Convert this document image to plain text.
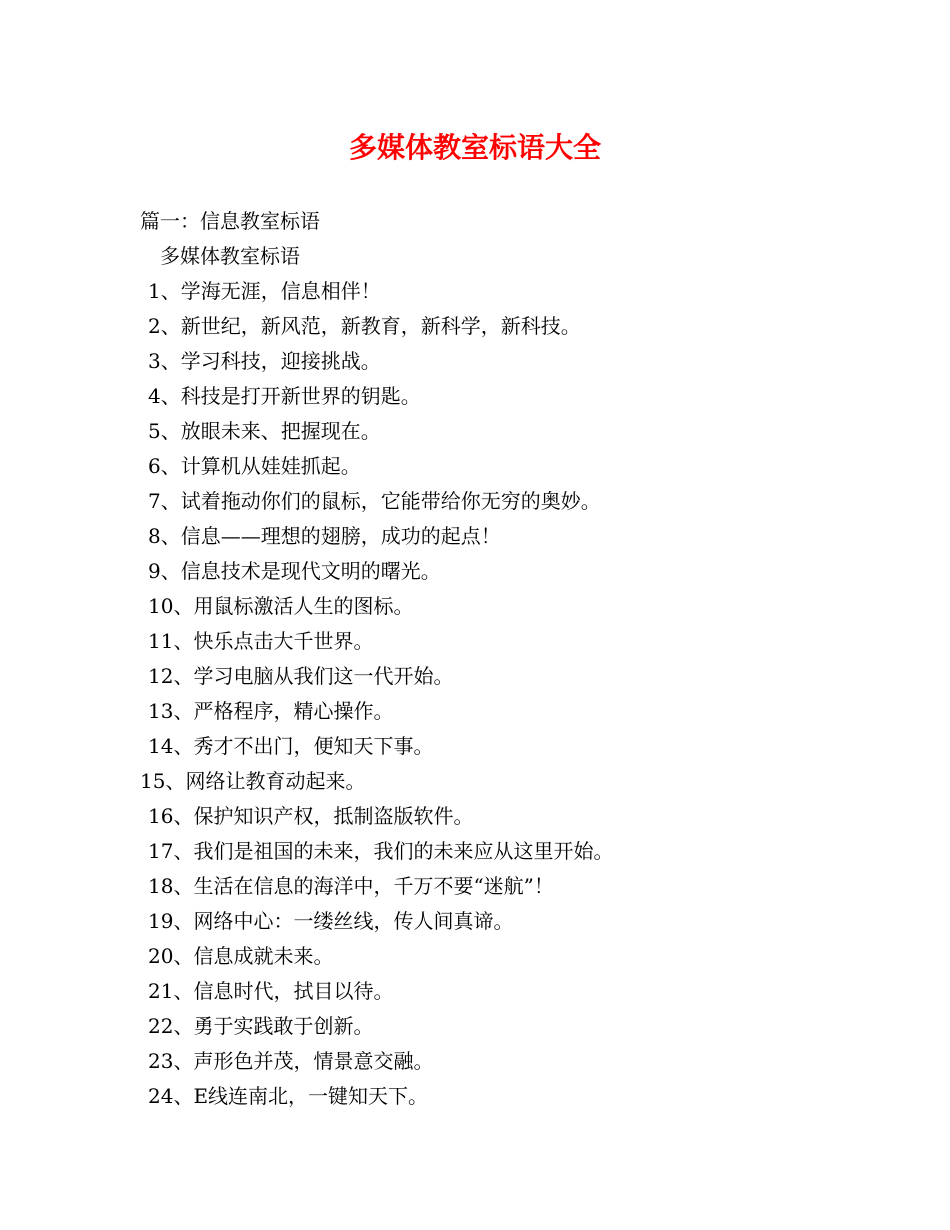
多媒体教室标语大全
篇一：信息教室标语
多媒体教室标语
1、学海无涯，信息相伴！
2、新世纪，新风范，新教育，新科学，新科技。
3、学习科技，迎接挑战。
4、科技是打开新世界的钥匙。
5、放眼未来、把握现在。
6、计算机从娃娃抓起。
7、试着拖动你们的鼠标，它能带给你无穷的奥妙。
8、信息——理想的翅膀，成功的起点！
9、信息技术是现代文明的曙光。
10、用鼠标激活人生的图标。
11、快乐点击大千世界。
12、学习电脑从我们这一代开始。
13、严格程序，精心操作。
14、秀才不出门，便知天下事。
15、网络让教育动起来。
16、保护知识产权，抵制盗版软件。
17、我们是祖国的未来，我们的未来应从这里开始。
18、生活在信息的海洋中，千万不要“迷航”！
19、网络中心：一缕丝线，传人间真谛。
20、信息成就未来。
21、信息时代，拭目以待。
22、勇于实践敢于创新。
23、声形色并茂，情景意交融。
24、E线连南北，一键知天下。
